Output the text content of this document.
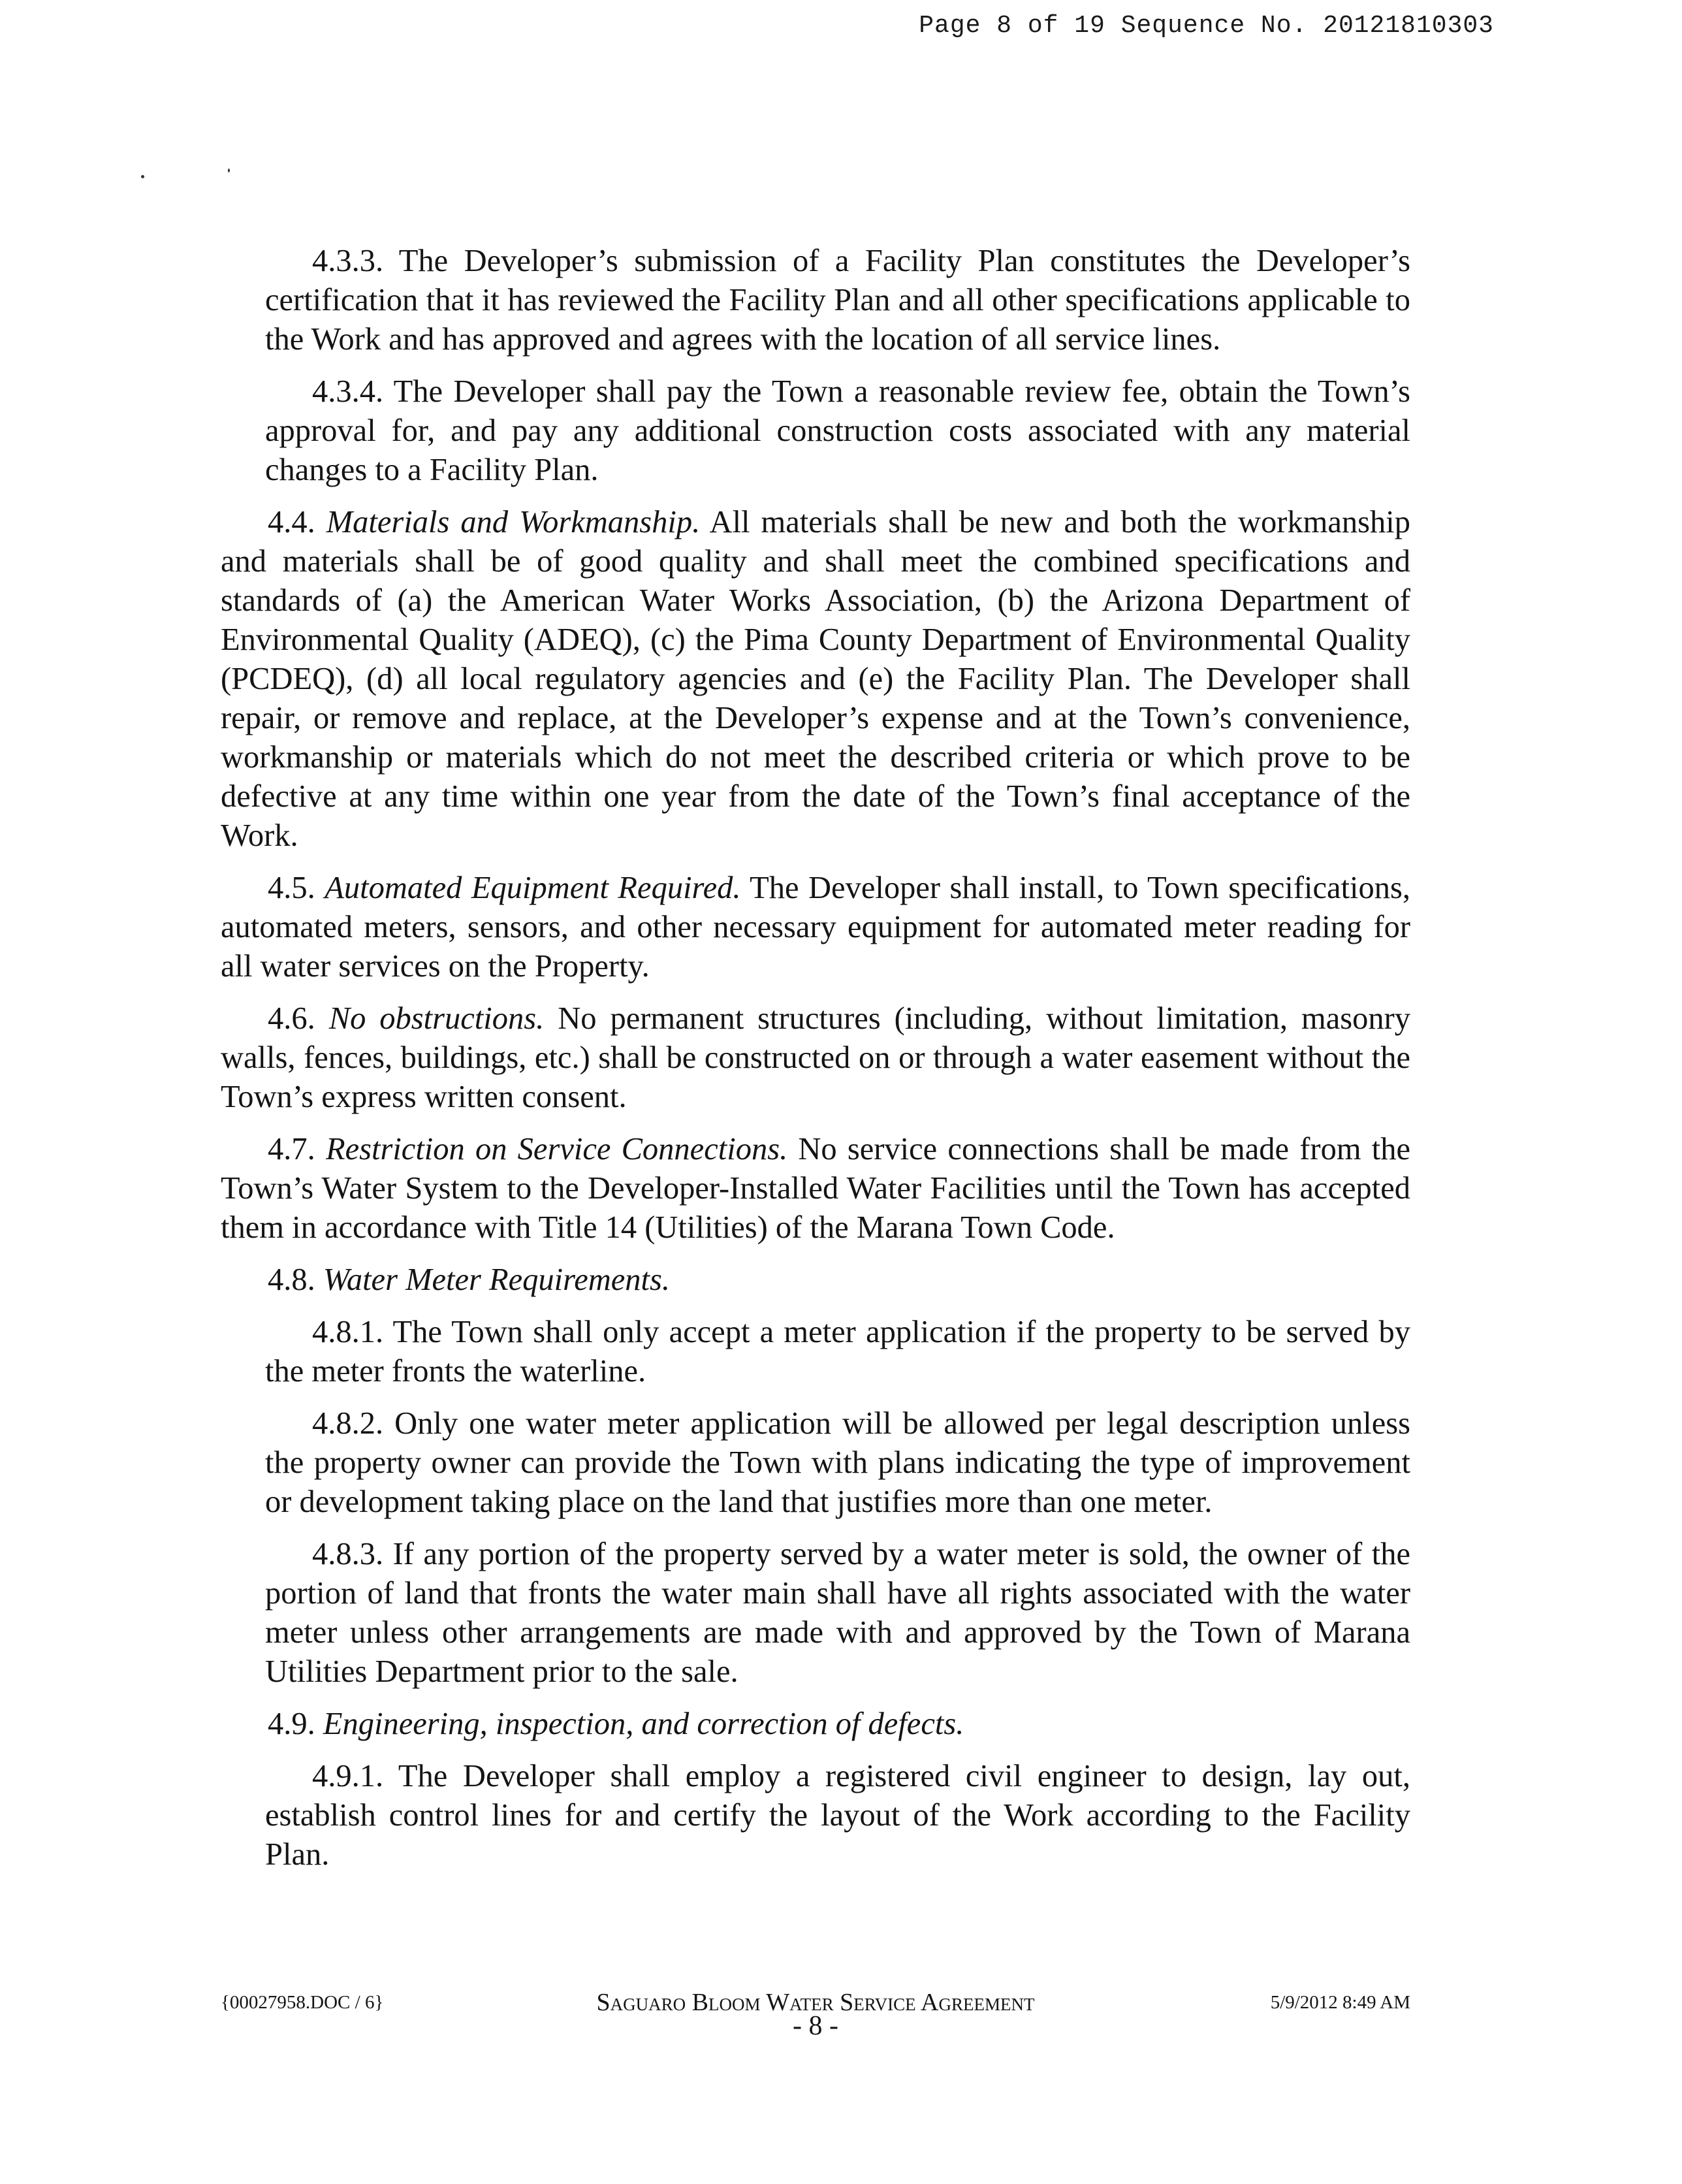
Page 8 of 19 Sequence No. 20121810303

4.3.3. The Developer’s submission of a Facility Plan constitutes the Developer’s certification that it has reviewed the Facility Plan and all other specifications applicable to the Work and has approved and agrees with the location of all service lines.

4.3.4. The Developer shall pay the Town a reasonable review fee, obtain the Town’s approval for, and pay any additional construction costs associated with any material changes to a Facility Plan.

4.4. Materials and Workmanship. All materials shall be new and both the workmanship and materials shall be of good quality and shall meet the combined specifications and standards of (a) the American Water Works Association, (b) the Arizona Department of Environmental Quality (ADEQ), (c) the Pima County Department of Environmental Quality (PCDEQ), (d) all local regulatory agencies and (e) the Facility Plan. The Developer shall repair, or remove and replace, at the Developer’s expense and at the Town’s convenience, workmanship or materials which do not meet the described criteria or which prove to be defective at any time within one year from the date of the Town’s final acceptance of the Work.

4.5. Automated Equipment Required. The Developer shall install, to Town specifications, automated meters, sensors, and other necessary equipment for automated meter reading for all water services on the Property.

4.6. No obstructions. No permanent structures (including, without limitation, masonry walls, fences, buildings, etc.) shall be constructed on or through a water easement without the Town’s express written consent.

4.7. Restriction on Service Connections. No service connections shall be made from the Town’s Water System to the Developer-Installed Water Facilities until the Town has accepted them in accordance with Title 14 (Utilities) of the Marana Town Code.

4.8. Water Meter Requirements.

4.8.1. The Town shall only accept a meter application if the property to be served by the meter fronts the waterline.

4.8.2. Only one water meter application will be allowed per legal description unless the property owner can provide the Town with plans indicating the type of improvement or development taking place on the land that justifies more than one meter.

4.8.3. If any portion of the property served by a water meter is sold, the owner of the portion of land that fronts the water main shall have all rights associated with the water meter unless other arrangements are made with and approved by the Town of Marana Utilities Department prior to the sale.

4.9. Engineering, inspection, and correction of defects.

4.9.1. The Developer shall employ a registered civil engineer to design, lay out, establish control lines for and certify the layout of the Work according to the Facility Plan.

{00027958.DOC / 6}	Saguaro Bloom Water Service Agreement	5/9/2012 8:49 AM
- 8 -
